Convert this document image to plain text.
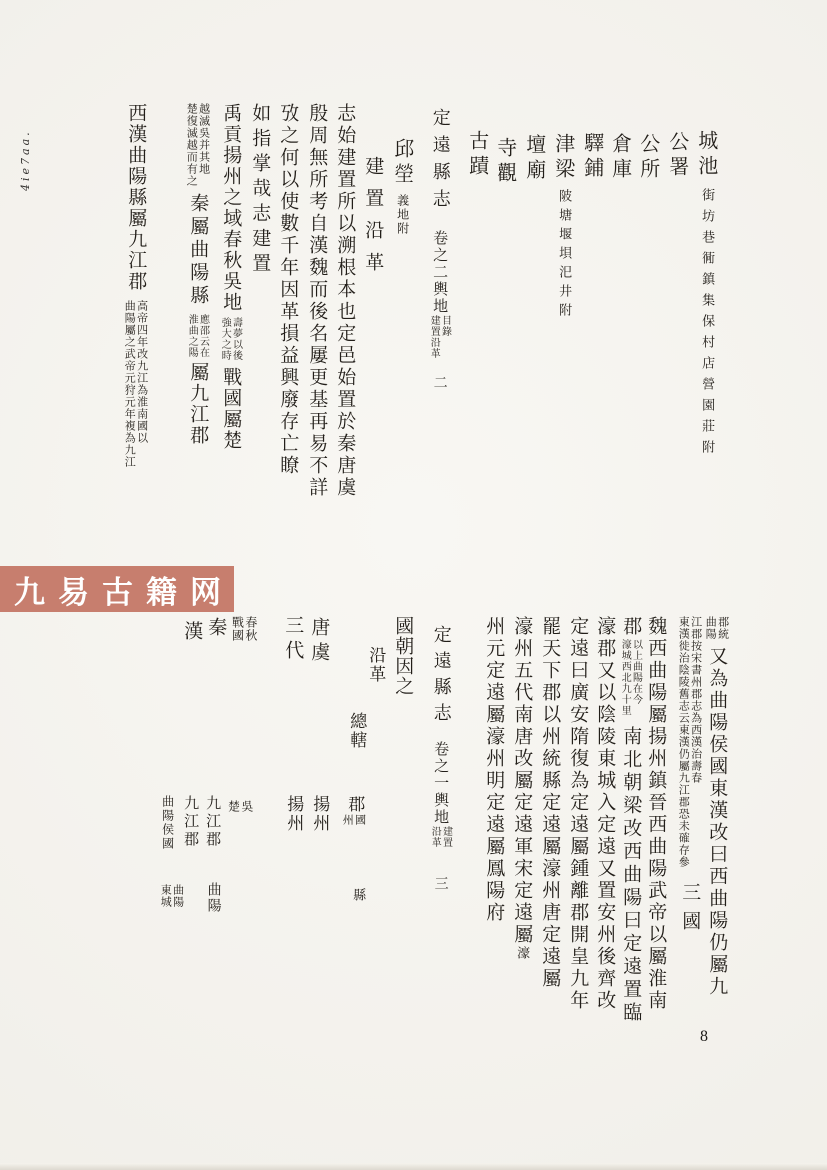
4ie7aa.	城池街坊巷衕鎮集保村店營園莊附
公署
公所
倉庫
驛鋪
津梁陂塘堰垻汜井附
壇廟
寺觀
古蹟
定遠縣志卷之二輿地
目錄
建置沿革
二
邱塋義地附
建置沿革
志始建置所以溯根本也定邑始置於秦唐虞
殷周無所考自漢魏而後名屢更基再易不詳
攷之何以使數千年因革損益興廢存亡瞭
如指掌哉志建置
禹貢揚州之域春秋吳地
壽夢以後
強大之時
戰國屬楚
越滅吳并其地
楚復滅越而有之
秦屬曲陽縣
應邵云在
淮曲之陽
屬九江郡
西漢曲陽縣屬九江郡
高帝四年改九江為淮南國以
曲陽屬之武帝元狩元年複為九江
九易古籍网
郡統
曲陽
又為曲陽侯國東漢改曰西曲陽仍屬九
江郡按宋書州郡志為西漢治壽春
東漢徙治陰陵舊志云東漢仍屬九江郡恐未確存參
三國
魏西曲陽屬揚州鎮晉西曲陽武帝以屬淮南
郡
以上曲陽在今
濠城西北九十里
南北朝梁改西曲陽曰定遠置臨
濠郡又以陰陵東城入定遠又置安州後齊改
定遠曰廣安隋復為定遠屬鍾離郡開皇九年
罷天下郡以州統縣定遠屬濠州唐定遠屬
濠州五代南唐改屬定遠軍宋定遠屬濠
州元定遠屬濠州明定遠屬鳳陽府
定遠縣志卷之一輿地
建置
沿革
三
國朝因之
沿革
總轄
郡
國
州
縣
唐虞
揚州
三代
揚州
春秋
戰國
吳
楚
秦
九江郡
曲陽
漢
九江郡
曲陽侯國
曲陽
東城
8
